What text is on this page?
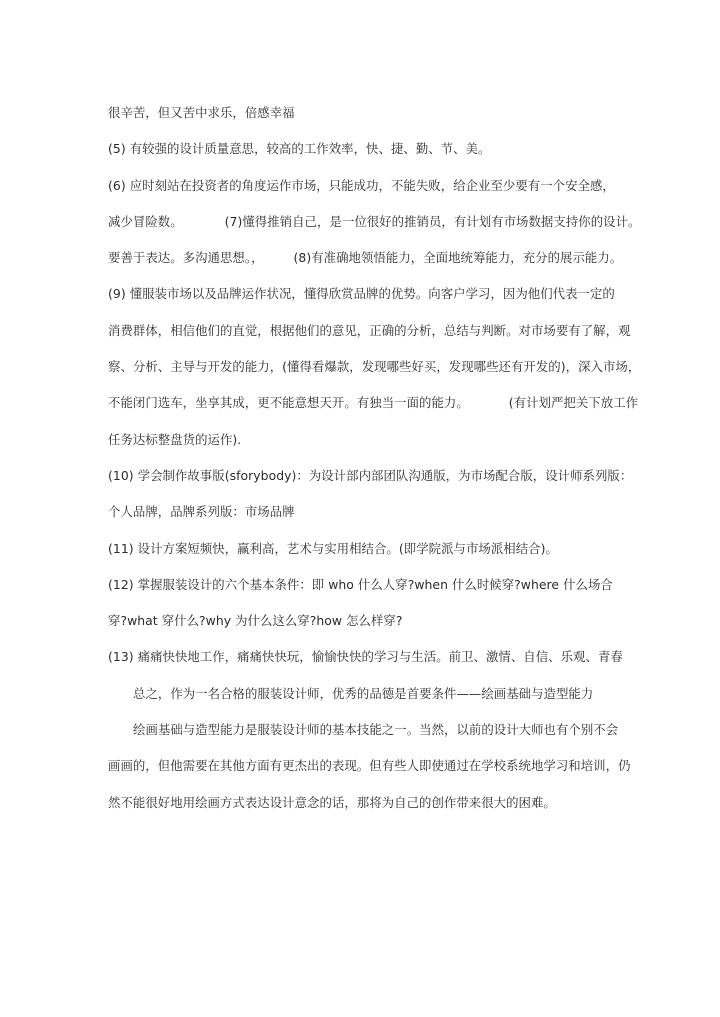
很辛苦，但又苦中求乐，倍感幸福
(5) 有较强的设计质量意思，较高的工作效率，快、捷、勤、节、美。
(6) 应时刻站在投资者的角度运作市场，只能成功，不能失败，给企业至少要有一个安全感，
减少冒险数。	(7)懂得推销自己，是一位很好的推销员，有计划有市场数据支持你的设计。
要善于表达。多沟通思想。， (8)有准确地领悟能力，全面地统筹能力，充分的展示能力。
(9) 懂服装市场以及品牌运作状况，懂得欣赏品牌的优势。向客户学习，因为他们代表一定的
消费群体，相信他们的直觉，根据他们的意见，正确的分析，总结与判断。对市场要有了解，观
察、分析、主导与开发的能力，(懂得看爆款，发现哪些好买，发现哪些还有开发的)，深入市场，
不能闭门选车，坐享其成，更不能意想天开。有独当一面的能力。	(有计划严把关下放工作
任务达标整盘货的运作).
(10) 学会制作故事版(sforybody)：为设计部内部团队沟通版，为市场配合版，设计师系列版：
个人品牌，品牌系列版：市场品牌
(11) 设计方案短频快，赢利高，艺术与实用相结合。(即学院派与市场派相结合)。
(12) 掌握服装设计的六个基本条件：即 who 什么人穿?when 什么时候穿?where 什么场合
穿?what 穿什么?why 为什么这么穿?how 怎么样穿?
(13) 痛痛快快地工作，痛痛快快玩，愉愉快快的学习与生活。前卫、激情、自信、乐观、青春
总之，作为一名合格的服装设计师，优秀的品德是首要条件——绘画基础与造型能力
绘画基础与造型能力是服装设计师的基本技能之一。当然，以前的设计大师也有个别不会
画画的，但他需要在其他方面有更杰出的表现。但有些人即使通过在学校系统地学习和培训，仍
然不能很好地用绘画方式表达设计意念的话，那将为自己的创作带来很大的困难。
